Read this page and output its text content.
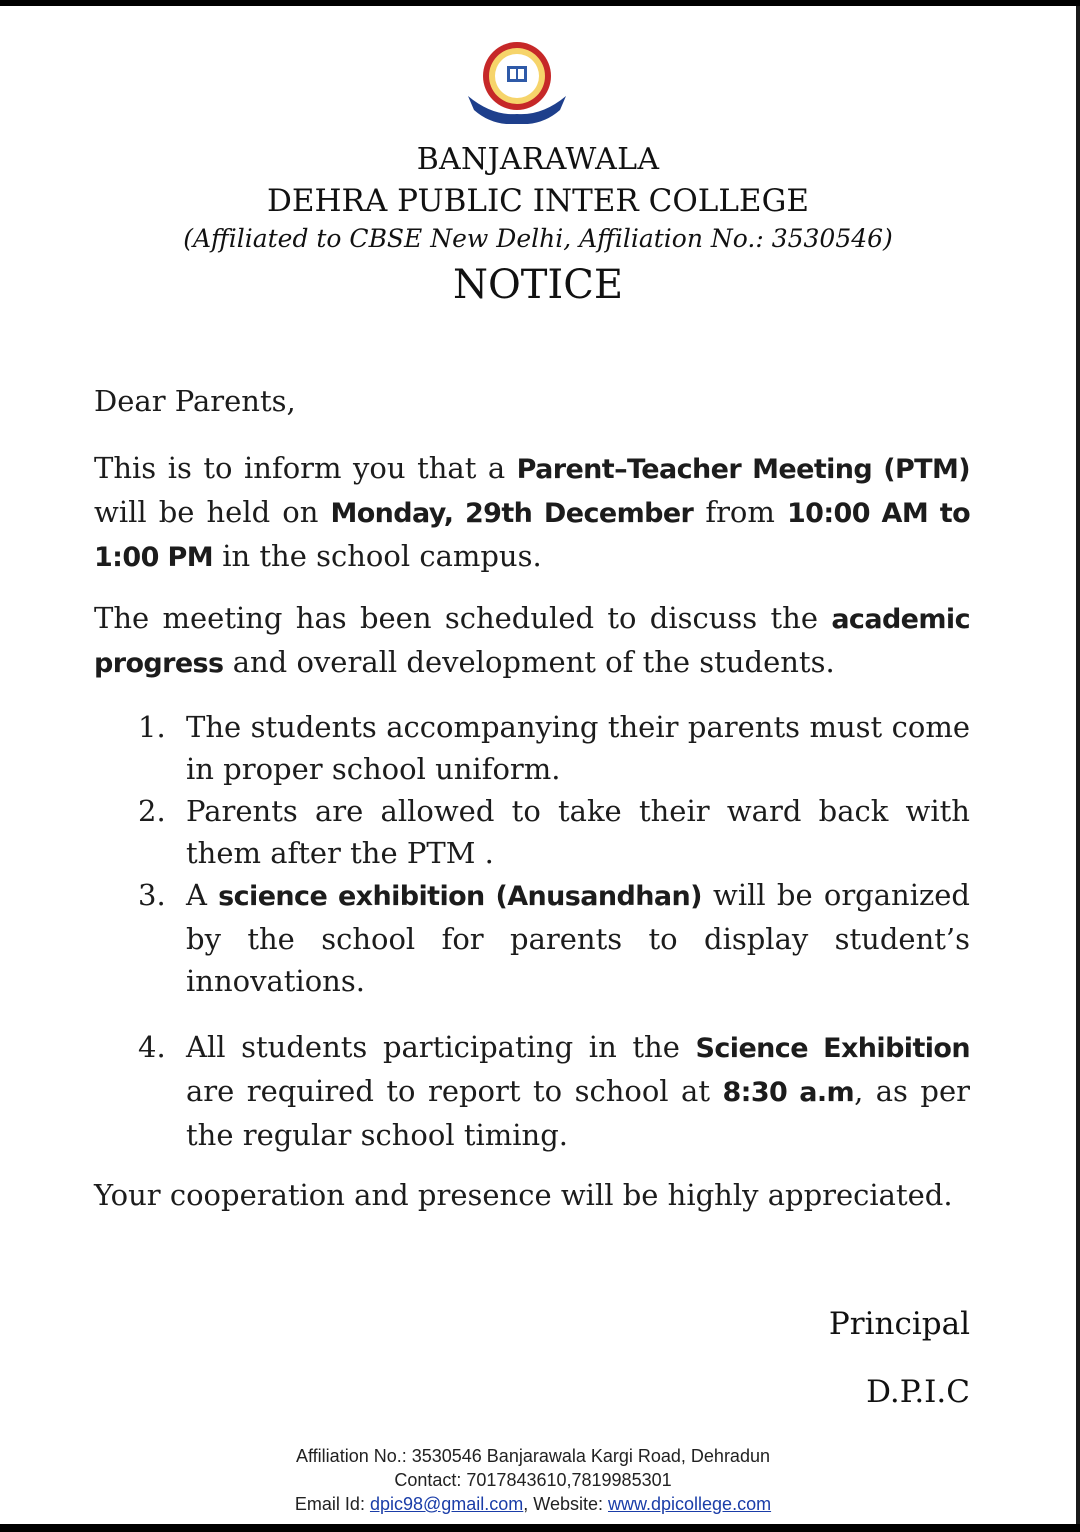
BANJARAWALA
DEHRA PUBLIC INTER COLLEGE
(Affiliated to CBSE New Delhi, Affiliation No.: 3530546)
NOTICE
Dear Parents,
This is to inform you that a Parent–Teacher Meeting (PTM) will be held on Monday, 29th December from 10:00 AM to 1:00 PM in the school campus.
The meeting has been scheduled to discuss the academic progress and overall development of the students.
1. The students accompanying their parents must come in proper school uniform.
2. Parents are allowed to take their ward back with them after the PTM .
3. A science exhibition (Anusandhan) will be organized by the school for parents to display student’s innovations.
4. All students participating in the Science Exhibition are required to report to school at 8:30 a.m, as per the regular school timing.
Your cooperation and presence will be highly appreciated.
Principal
D.P.I.C
Affiliation No.: 3530546 Banjarawala Kargi Road, Dehradun
Contact: 7017843610,7819985301
Email Id: dpic98@gmail.com, Website: www.dpicollege.com
